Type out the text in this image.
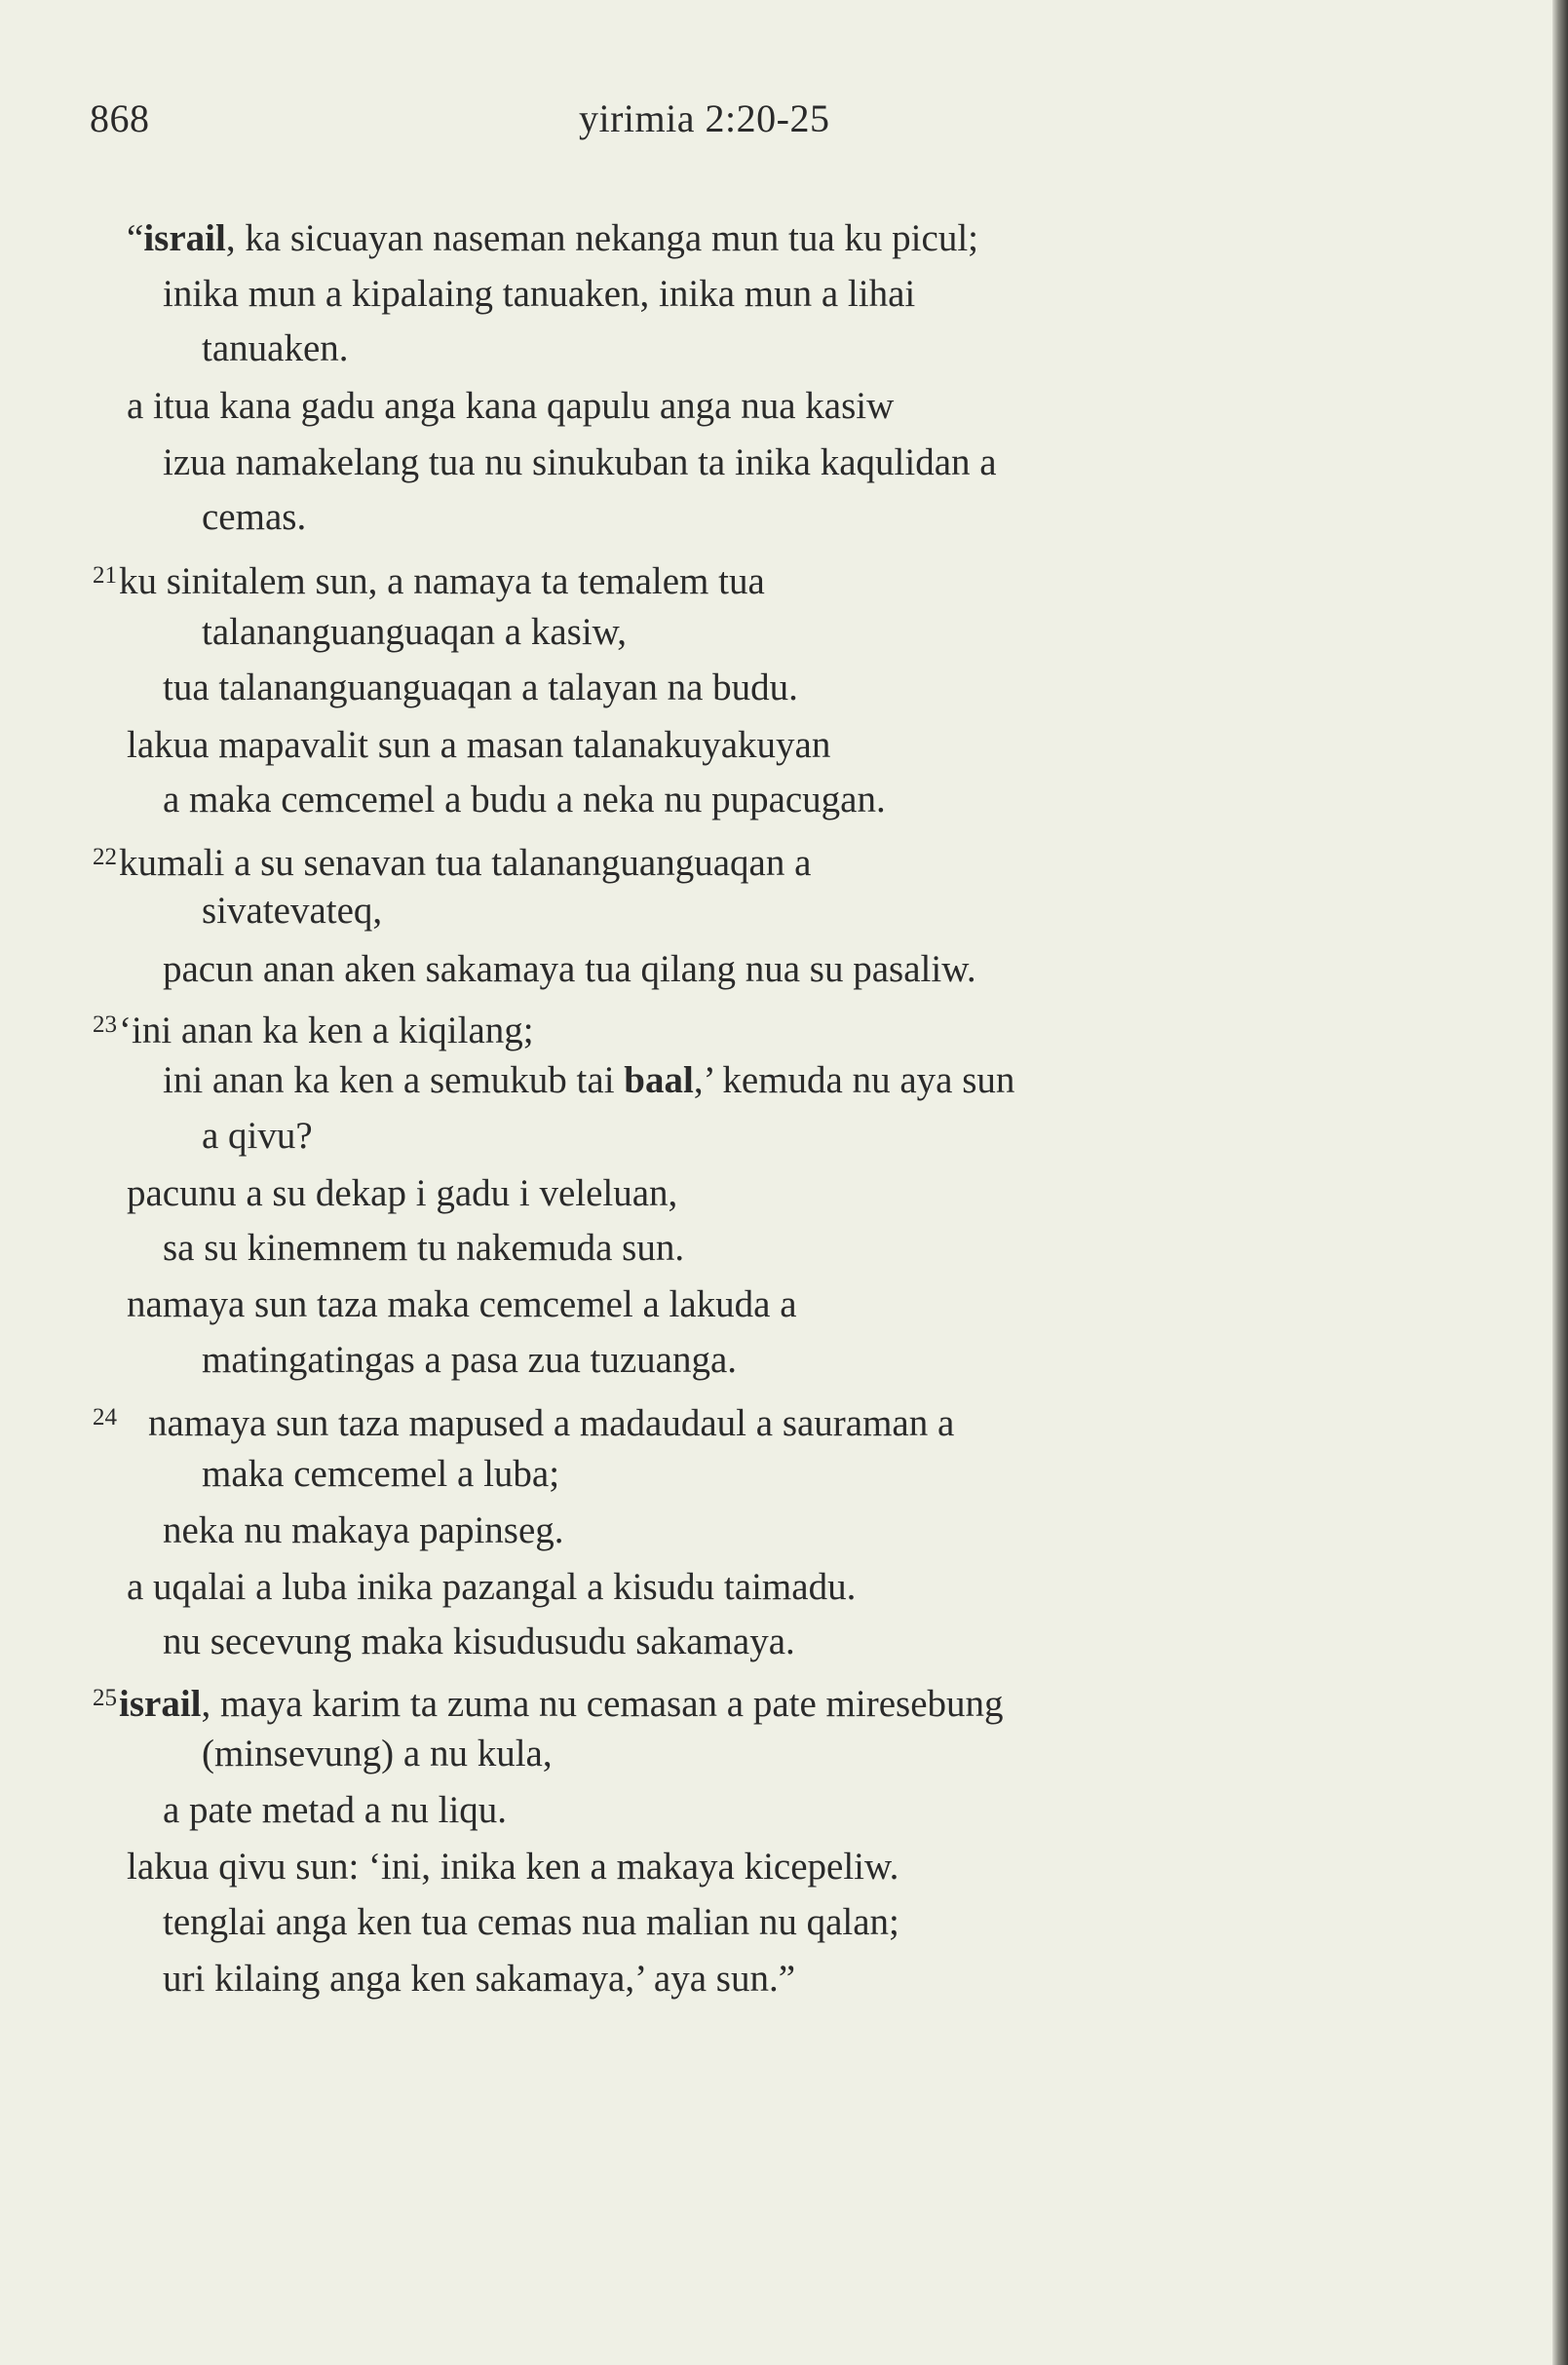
868	yirimia 2:20-25
“israil, ka sicuayan naseman nekanga mun tua ku picul;
inika mun a kipalaing tanuaken, inika mun a lihai
tanuaken.
a itua kana gadu anga kana qapulu anga nua kasiw
izua namakelang tua nu sinukuban ta inika kaqulidan a
cemas.
$^{21}$ku sinitalem sun, a namaya ta temalem tua
talananguanguaqan a kasiw,
tua talananguanguaqan a talayan na budu.
lakua mapavalit sun a masan talanakuyakuyan
a maka cemcemel a budu a neka nu pupacugan.
$^{22}$kumali a su senavan tua talananguanguaqan a
sivatevateq,
pacun anan aken sakamaya tua qilang nua su pasaliw.
$^{23}$‘ini anan ka ken a kiqilang;
ini anan ka ken a semukub tai baal,’ kemuda nu aya sun
a qivu?
pacunu a su dekap i gadu i veleluan,
sa su kinemnem tu nakemuda sun.
namaya sun taza maka cemcemel a lakuda a
matingatingas a pasa zua tuzuanga.
$^{24}$ namaya sun taza mapused a madaudaul a sauraman a
maka cemcemel a luba;
neka nu makaya papinseg.
a uqalai a luba inika pazangal a kisudu taimadu.
nu secevung maka kisudusudu sakamaya.
$^{25}$israil, maya karim ta zuma nu cemasan a pate miresebung
(minsevung) a nu kula,
a pate metad a nu liqu.
lakua qivu sun: ‘ini, inika ken a makaya kicepeliw.
tenglai anga ken tua cemas nua malian nu qalan;
uri kilaing anga ken sakamaya,’ aya sun.”
